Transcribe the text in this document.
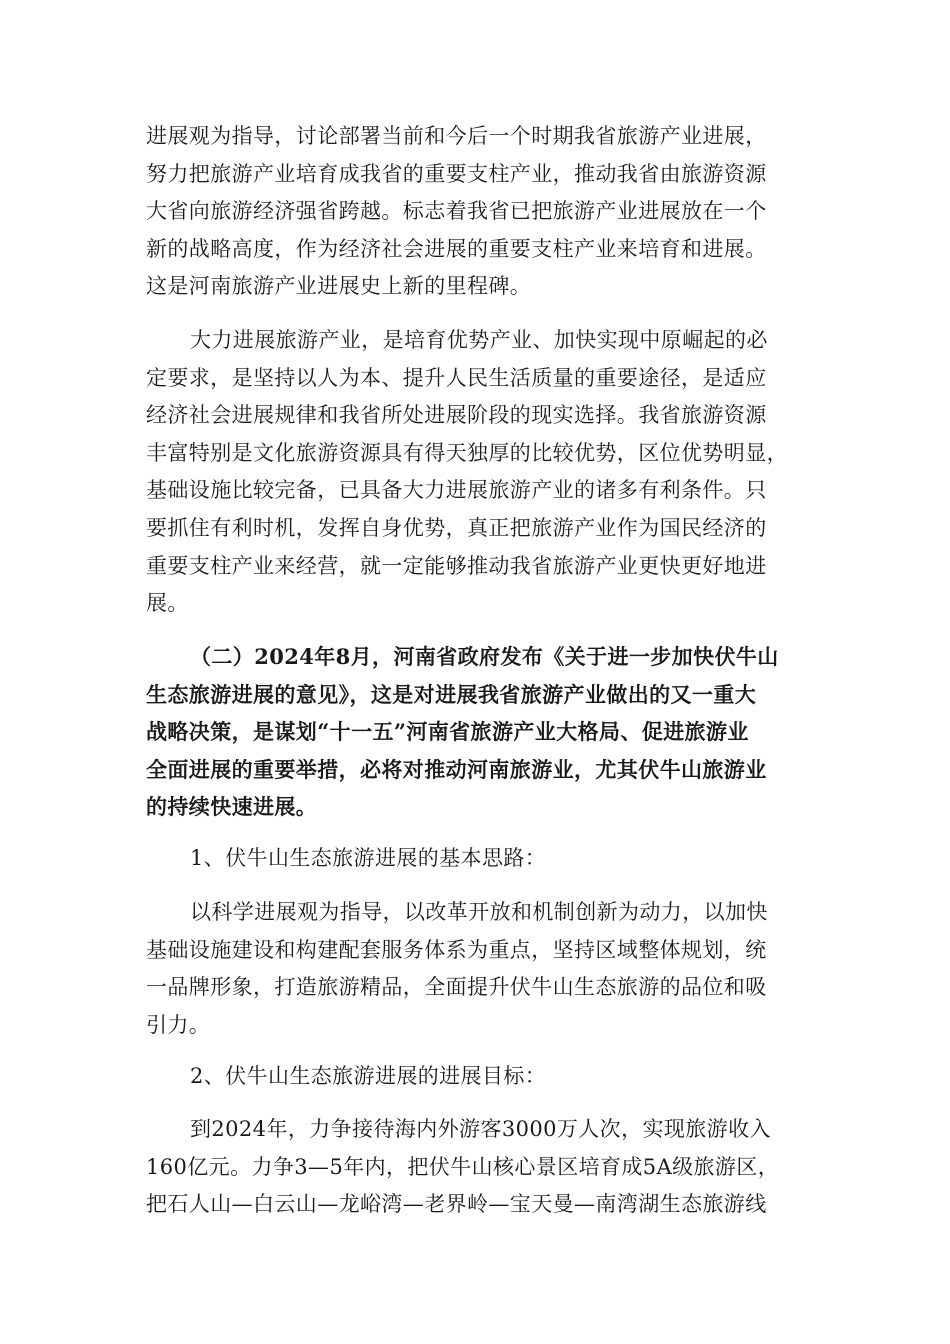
进展观为指导，讨论部署当前和今后一个时期我省旅游产业进展，
努力把旅游产业培育成我省的重要支柱产业，推动我省由旅游资源
大省向旅游经济强省跨越。标志着我省已把旅游产业进展放在一个
新的战略高度，作为经济社会进展的重要支柱产业来培育和进展。
这是河南旅游产业进展史上新的里程碑。
大力进展旅游产业，是培育优势产业、加快实现中原崛起的必
定要求，是坚持以人为本、提升人民生活质量的重要途径，是适应
经济社会进展规律和我省所处进展阶段的现实选择。我省旅游资源
丰富特别是文化旅游资源具有得天独厚的比较优势，区位优势明显，
基础设施比较完备，已具备大力进展旅游产业的诸多有利条件。只
要抓住有利时机，发挥自身优势，真正把旅游产业作为国民经济的
重要支柱产业来经营，就一定能够推动我省旅游产业更快更好地进
展。
（二）2024年8月，河南省政府发布《关于进一步加快伏牛山
生态旅游进展的意见》，这是对进展我省旅游产业做出的又一重大
战略决策，是谋划“十一五”河南省旅游产业大格局、促进旅游业
全面进展的重要举措，必将对推动河南旅游业，尤其伏牛山旅游业
的持续快速进展。
1、伏牛山生态旅游进展的基本思路：
以科学进展观为指导，以改革开放和机制创新为动力，以加快
基础设施建设和构建配套服务体系为重点，坚持区域整体规划，统
一品牌形象，打造旅游精品，全面提升伏牛山生态旅游的品位和吸
引力。
2、伏牛山生态旅游进展的进展目标：
到2024年，力争接待海内外游客3000万人次，实现旅游收入
160亿元。力争3—5年内，把伏牛山核心景区培育成5A级旅游区，
把石人山—白云山—龙峪湾—老界岭—宝天曼—南湾湖生态旅游线
